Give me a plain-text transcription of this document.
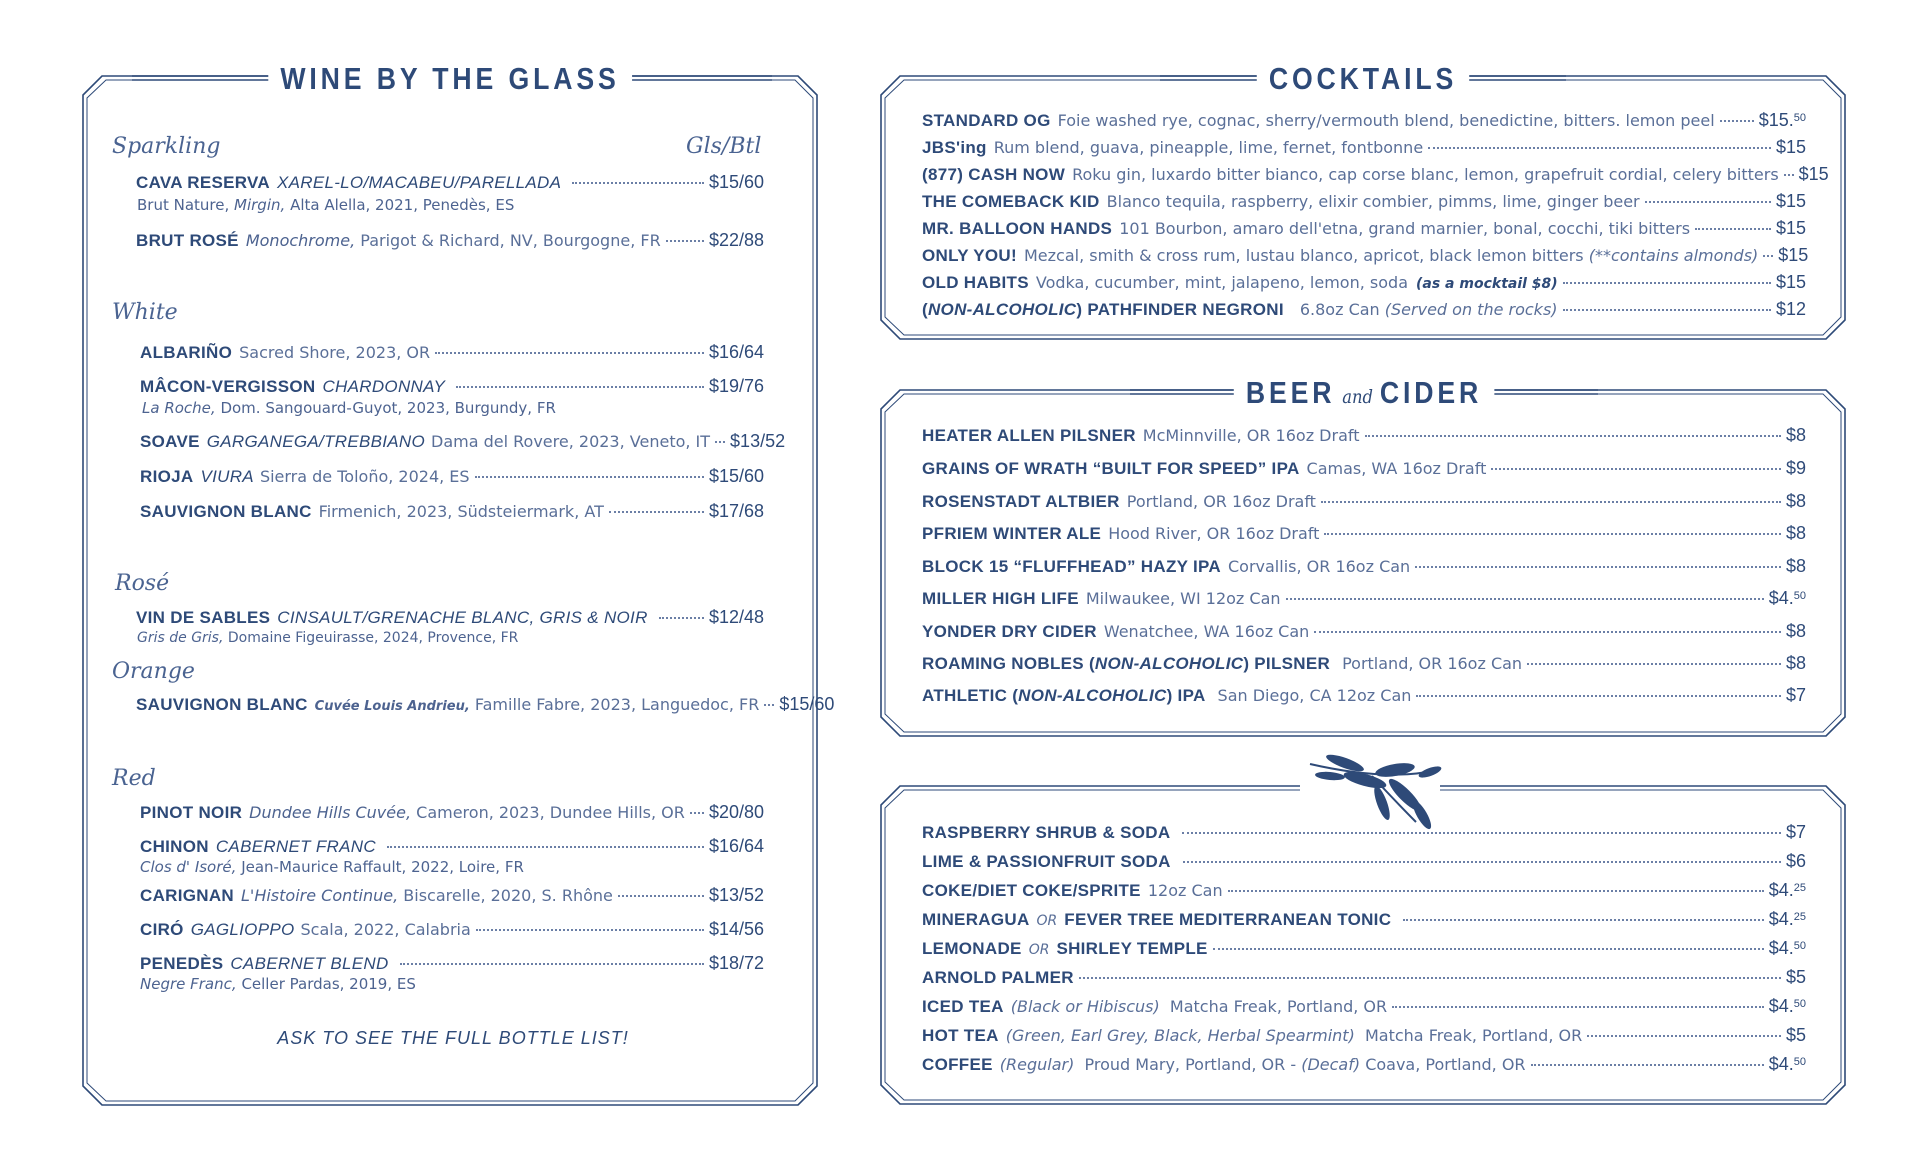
WINE BY THE GLASS	COCKTAILS
BEER and CIDER
Sparkling	Gls/Btl
CAVA RESERVA XAREL-LO/MACABEU/PARELLADA	$15/60
Brut Nature, Mirgin, Alta Alella, 2021, Penedès, ES
BRUT ROSÉ Monochrome,
Parigot & Richard, NV, Bourgogne, FR	$22/88
White
ALBARIÑO Sacred Shore, 2023, OR	$16/64
MÂCON-VERGISSON CHARDONNAY	$19/76
La Roche, Dom. Sangouard-Guyot, 2023, Burgundy, FR
SOAVE GARGANEGA/TREBBIANO Dama del Rovere, 2023, Veneto, IT $13/52
RIOJA VIURA Sierra de Toloño, 2024, ES	$15/60
SAUVIGNON BLANC Firmenich, 2023, Südsteiermark, AT	$17/68
Rosé
VIN DE SABLES CINSAULT/GRENACHE BLANC, GRIS & NOIR	$12/48
Gris de Gris, Domaine Figeuirasse, 2024, Provence, FR
Orange
SAUVIGNON BLANC Cuvée Louis Andrieu,
Famille Fabre, 2023, Languedoc, FR $15/60
Red
PINOT NOIR Dundee Hills Cuvée,
Cameron, 2023, Dundee Hills, OR $20/80
CHINON CABERNET FRANC	$16/64
Clos d' Isoré, Jean-Maurice Raffault, 2022, Loire, FR
CARIGNAN L'Histoire Continue,
Biscarelle, 2020, S. Rhône	$13/52
CIRÓ GAGLIOPPO Scala, 2022, Calabria	$14/56
PENEDÈS CABERNET BLEND	$18/72
Negre Franc, Celler Pardas, 2019, ES
ASK TO SEE THE FULL BOTTLE LIST!
STANDARD OG Foie washed rye, cognac, sherry/vermouth blend, benedictine, bitters. lemon peel $15.50
JBS'ing Rum blend, guava, pineapple, lime, fernet, fontbonne	$15
(877) CASH NOW Roku gin, luxardo bitter bianco, cap corse blanc, lemon, grapefruit cordial, celery bitters $15
THE COMEBACK KID Blanco tequila, raspberry, elixir combier, pimms, lime, ginger beer	$15
MR. BALLOON HANDS 101 Bourbon, amaro dell'etna, grand marnier, bonal, cocchi, tiki bitters	$15
ONLY YOU! Mezcal, smith & cross rum, lustau blanco, apricot, black lemon bitters
(**contains almonds) $15
OLD HABITS Vodka, cucumber, mint, jalapeno, lemon, soda (as a mocktail $8)	$15
( NON-ALCOHOLIC ) PATHFINDER NEGRONI 6.8oz Can
(Served on the rocks)	$12
HEATER ALLEN PILSNER McMinnville, OR 16oz Draft	$8
GRAINS OF WRATH “BUILT FOR SPEED” IPA Camas, WA 16oz Draft	$9
ROSENSTADT ALTBIER Portland, OR 16oz Draft	$8
PFRIEM WINTER ALE Hood River, OR 16oz Draft	$8
BLOCK 15 “FLUFFHEAD” HAZY IPA Corvallis, OR 16oz Can	$8
MILLER HIGH LIFE Milwaukee, WI 12oz Can	$4.50
YONDER DRY CIDER Wenatchee, WA 16oz Can	$8
ROAMING NOBLES ( NON-ALCOHOLIC ) PILSNER Portland, OR 16oz Can	$8
ATHLETIC ( NON-ALCOHOLIC ) IPA San Diego, CA 12oz Can	$7
RASPBERRY SHRUB & SODA	$7
LIME & PASSIONFRUIT SODA	$6
COKE/DIET COKE/SPRITE 12oz Can	$4.25
MINERAGUA OR FEVER TREE MEDITERRANEAN TONIC	$4.25
LEMONADE OR SHIRLEY TEMPLE	$4.50
ARNOLD PALMER	$5
ICED TEA (Black or Hibiscus)
Matcha Freak, Portland, OR	$4.50
HOT TEA (Green, Earl Grey, Black, Herbal Spearmint)
Matcha Freak, Portland, OR	$5
COFFEE (Regular)
Proud Mary, Portland, OR -
(Decaf)
Coava, Portland, OR	$4.50
